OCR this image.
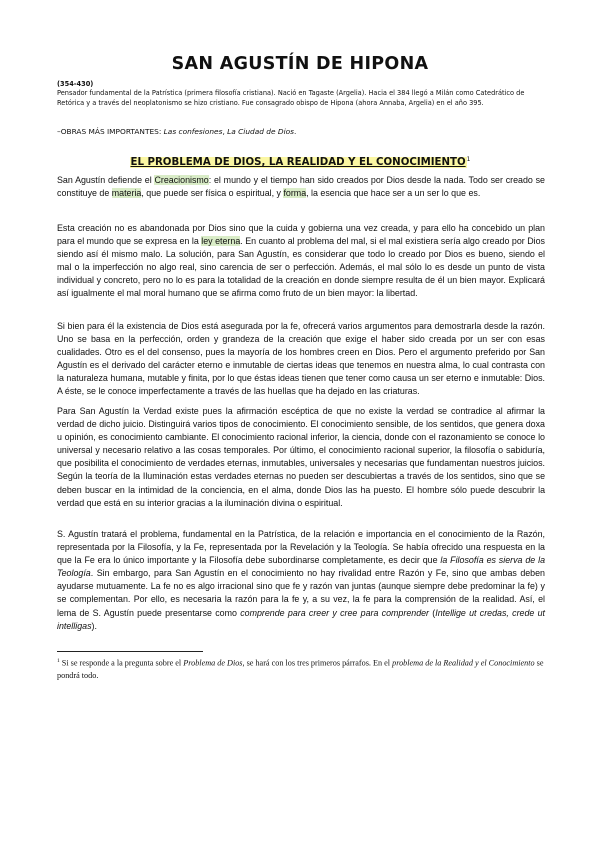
SAN AGUSTÍN DE HIPONA
(354-430)
Pensador fundamental de la Patrística (primera filosofía cristiana). Nació en Tagaste (Argelia). Hacia el 384 llegó a Milán como Catedrático de Retórica y a través del neoplatonismo se hizo cristiano. Fue consagrado obispo de Hipona (ahora Annaba, Argelia) en el año 395.
–OBRAS MÁS IMPORTANTES: Las confesiones, La Ciudad de Dios.
EL PROBLEMA DE DIOS, LA REALIDAD Y EL CONOCIMIENTO$^1$

San Agustín defiende el Creacionismo: el mundo y el tiempo han sido creados por Dios desde la nada. Todo ser creado se constituye de materia, que puede ser física o espiritual, y forma, la esencia que hace ser a un ser lo que es.

Esta creación no es abandonada por Dios sino que la cuida y gobierna una vez creada, y para ello ha concebido un plan para el mundo que se expresa en la ley eterna. En cuanto al problema del mal, si el mal existiera sería algo creado por Dios siendo así él mismo malo. La solución, para San Agustín, es considerar que todo lo creado por Dios es bueno, siendo el mal o la imperfección no algo real, sino carencia de ser o perfección. Además, el mal sólo lo es desde un punto de vista individual y concreto, pero no lo es para la totalidad de la creación en donde siempre resulta de él un bien mayor. Explicará así igualmente el mal moral humano que se afirma como fruto de un bien mayor: la libertad.

Si bien para él la existencia de Dios está asegurada por la fe, ofrecerá varios argumentos para demostrarla desde la razón. Uno se basa en la perfección, orden y grandeza de la creación que exige el haber sido creada por un ser con esas cualidades. Otro es el del consenso, pues la mayoría de los hombres creen en Dios. Pero el argumento preferido por San Agustín es el derivado del carácter eterno e inmutable de ciertas ideas que tenemos en nuestra alma, lo cual contrasta con la naturaleza humana, mutable y finita, por lo que éstas ideas tienen que tener como causa un ser eterno e inmutable: Dios. A éste, se le conoce imperfectamente a través de las huellas que ha dejado en las criaturas.

Para San Agustín la Verdad existe pues la afirmación escéptica de que no existe la verdad se contradice al afirmar la verdad de dicho juicio. Distinguirá varios tipos de conocimiento. El conocimiento sensible, de los sentidos, que genera doxa u opinión, es conocimiento cambiante. El conocimiento racional inferior, la ciencia, donde con el razonamiento se conoce lo universal y necesario relativo a las cosas temporales. Por último, el conocimiento racional superior, la filosofía o sabiduría, que posibilita el conocimiento de verdades eternas, inmutables, universales y necesarias que fundamentan nuestros juicios. Según la teoría de la Iluminación estas verdades eternas no pueden ser descubiertas a través de los sentidos, sino que se deben buscar en la intimidad de la conciencia, en el alma, donde Dios las ha puesto. El hombre sólo puede descubrir la verdad que está en su interior gracias a la iluminación divina o espiritual.

S. Agustín tratará el problema, fundamental en la Patrística, de la relación e importancia en el conocimiento de la Razón, representada por la Filosofía, y la Fe, representada por la Revelación y la Teología. Se había ofrecido una respuesta en la que la Fe era lo único importante y la Filosofía debe subordinarse completamente, es decir que la Filosofía es sierva de la Teología. Sin embargo, para San Agustín en el conocimiento no hay rivalidad entre Razón y Fe, sino que ambas deben ayudarse mutuamente. La fe no es algo irracional sino que fe y razón van juntas (aunque siempre debe predominar la fe) y se complementan. Por ello, es necesaria la razón para la fe y, a su vez, la fe para la comprensión de la realidad. Así, el lema de S. Agustín puede presentarse como comprende para creer y cree para comprender (Intellige ut credas, crede ut intelligas).

$^1$ Si se responde a la pregunta sobre el Problema de Dios, se hará con los tres primeros párrafos. En el problema de la Realidad y el Conocimiento se pondrá todo.
